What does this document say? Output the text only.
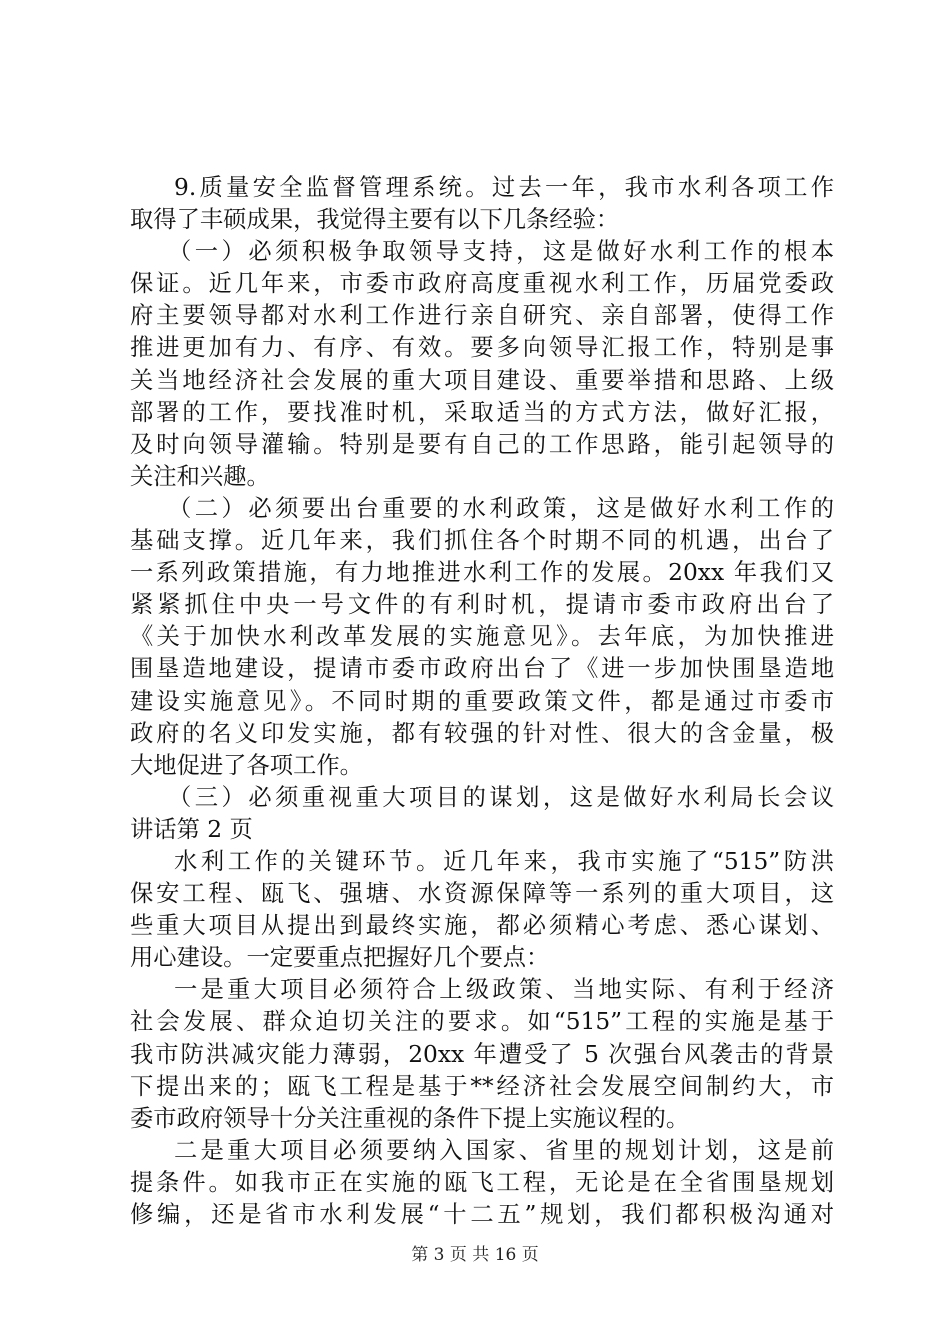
9.质量安全监督管理系统。过去一年，我市水利各项工作
取得了丰硕成果，我觉得主要有以下几条经验：
（一）必须积极争取领导支持，这是做好水利工作的根本
保证。近几年来，市委市政府高度重视水利工作，历届党委政
府主要领导都对水利工作进行亲自研究、亲自部署，使得工作
推进更加有力、有序、有效。要多向领导汇报工作，特别是事
关当地经济社会发展的重大项目建设、重要举措和思路、上级
部署的工作，要找准时机，采取适当的方式方法，做好汇报，
及时向领导灌输。特别是要有自己的工作思路，能引起领导的
关注和兴趣。
（二）必须要出台重要的水利政策，这是做好水利工作的
基础支撑。近几年来，我们抓住各个时期不同的机遇，出台了
一系列政策措施，有力地推进水利工作的发展。20xx 年我们又
紧紧抓住中央一号文件的有利时机，提请市委市政府出台了
《关于加快水利改革发展的实施意见》。去年底，为加快推进
围垦造地建设，提请市委市政府出台了《进一步加快围垦造地
建设实施意见》。不同时期的重要政策文件，都是通过市委市
政府的名义印发实施，都有较强的针对性、很大的含金量，极
大地促进了各项工作。
（三）必须重视重大项目的谋划，这是做好水利局长会议
讲话第 2 页
水利工作的关键环节。近几年来，我市实施了“515”防洪
保安工程、瓯飞、强塘、水资源保障等一系列的重大项目，这
些重大项目从提出到最终实施，都必须精心考虑、悉心谋划、
用心建设。一定要重点把握好几个要点：
一是重大项目必须符合上级政策、当地实际、有利于经济
社会发展、群众迫切关注的要求。如“515”工程的实施是基于
我市防洪减灾能力薄弱，20xx 年遭受了 5 次强台风袭击的背景
下提出来的；瓯飞工程是基于**经济社会发展空间制约大，市
委市政府领导十分关注重视的条件下提上实施议程的。
二是重大项目必须要纳入国家、省里的规划计划，这是前
提条件。如我市正在实施的瓯飞工程，无论是在全省围垦规划
修编，还是省市水利发展“十二五”规划，我们都积极沟通对
第 3 页 共 16 页
